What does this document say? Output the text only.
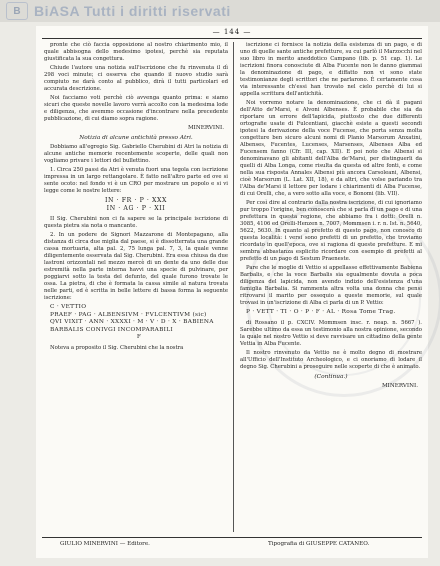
B BiASA Tutti i diritti riservati
— 144 —

pronte che ciò faccia opposizione al nostro chiarimento mio, il quale abbisogna dello medesimo ipotesi, perchè sia reputata giustificata la sua congettura.

Chiude l'autore una notizia sull'iscrizione che fu rinvenuta il dì 298 voci minute; ci osserva che quando il nuovo studio sarà compiuto ne darà conto al pubblico, dirà il tutti particolari ed accurata descrizione.

Noi facciamo voti perchè ciò avvenga quanto prima: e siamo sicuri che queste novelle lavoro verrà accolto con la medesima lode e diligenza, che avemmo occasione d'incontrare nella precedente pubblicazione, di cui diamo sopra ragione.

MINERVINI.
Notizia di alcune antichità presso Atri.

Dobbiamo all'egregio Sig. Gabriello Cherubini di Atri la notizia di alcune antiche memorie recentemente scoperte, delle quali non vogliamo privare i lettori del bullettino.

1. Circa 250 passi da Atri è venuta fuori una tegola con iscrizione impressa in un largo rettangolare. È fatto nell'altro parte ed ove si sente ocoto: nel fondo vi è un CRO per mostrare un popolo e si vi legge come le nostre lettere:

IN · FR · P · XXX
IN · AG · P · XII

II Sig. Cherubini non ci fa sapere se la principale iscrizione di questa pietra sia nota o mancante.

2. In un podere de Signori Mazzarone di Montepagano, alla distanza di circa due miglia dal paese, si è dissotterrata una grande cassa mortuaria, alta pal. 2, 75 lunga pal. 7, 3, la quale venne diligentemente osservata dal Sig. Cherubini. Era essa chiusa da due lastroni orizzontali nel mezzo mercè di un dente da uno delle due estremità nella parte interna havvi una specie di pulvinare, per poggiarvi sotto la testa del defunto, del quale furono trovate le ossa. La pietra, di che è formata la cassa simile al natura trovata nelle parti, ed è scritta in belle lettere di bassa forma la seguente iscrizione:

C · VETTIO
PRAEF · PAG · ALBENSIVM · FVLCENTIVM (sic)
QVI VIXIT · ANN · XXXXI · M · V · D · X · BABIENA
BARBALIS CONIVGI INCOMPARABILI
F

Noteva a proposito il Sig. Cherubini che la nostra

iscrizione ci fornisce la notizia della esistenza di un pago, e di uno di quelle sante antiche prefetture, su cui parlò il Marzocchi nel suo libro in merito aneddotico Campano (lib. p. 51 cap. 1). Le iscrizioni finora conosciute di Alba Fucente non le danno giammai la denominazione di pago, e diffatto non vi sono state testimonianze degli scrittori che ne parlarono. È certamente cosa via interessante ch'essi han trovato nel cielo perchè di lui si appella scrittura dell'antichità.

Noi vorremo notare la denominazione, che ci dà il pagani dell'Atto de'Marsi, e Alvoni Albenses. È probabile che sia da riportare un errore dell'lapicida, piuttosto che due differenti ortografie usate di Fulcentiani, giacchè esiste a questi secondi ipotesi la derivazione della voce Fucense, che porta senza molta congetture ben sicuro alcuni nomi di Planio Marsorum Anxatini, Albenses, Fucentes, Lucenses, Marsenses, Albenses Alba ed Fucensem fanno (Cfr. III, cap. XII). E poi noto che Albensi si denominavano gli abitanti dell'Alba de'Marsi, per distinguerli da quelli di Alba Longa, come risulta da questa ed altre fonti, e come nella sua risposta Annales Albensi più ancora Carsoleani, Albensi, cioè Marsorum (L. Lat. XII, 18), e da altri, che volse parlando tra l'Alba de'Marsi il lettore per lodare i chiarimenti di Alba Fucense, di cui Orelli, che, a vero sotto alla voce, e Bonomi (lib. VII).

Per così dire al contrario dalla nostra iscrizione, di cui ignoriamo pur troppo l'origine, ben conoscerà che si parla di un pago e di una prefettura in questa regione, che abbiamo fra i dotti: Orelli n. 3085, 4106 ed Orelli-Henzen n. 7007, Mommsen i. r. n. Ist. n. 5640, 5622, 5630. In quanto al prefetto di questo pago, non conosco di questa località: i versi sono prefetti di un prefetto, che troviamo ricordato in quell'epoca, ove si ragiona di queste prefetture. E mi sembra abbastanza esplicito ricordare con esempio di prefetti al prefetto di un pago di Sestum Praeneste.

Pare che le moglie di Vettio si appellasse effettivamente Babiena Barbalis, e che la voce Barbalis sia egualmente dovuta a poca diligenza del lapicida, non avendo indizio dell'esistenza d'una famiglia Barbalia. Si rammenta altra volta una donna che pensi ritrovarsi il marito per ossequio a queste memorie, sul quale trovasi in un'iscrizione di Alba ci parla di un P. Vettio:

P · VETT · TI · O · P · F · AL · Rosa Tome Trag.

di Rossano il p. CXCIV. Mommsen insc. r. neap. n. 5667 ). Sarebbe ultimo da essa un testimonio alla nostra opinione, secondo la quale nel nostro Vettio si deve ravvisare un cittadino della gente Vettia in Alba Fucente.

Il nostro rinvenuto da Vettio ne è molto degno di mostrare all'Ufficio dell'Instituto Archeologico, e ci onoriamo di lodare il degno Sig. Cherubini a proseguire nelle scoperte di che è animato.

(Continua.)
MINERVINI.
GIULIO MINERVINI — Editore.	Tipografia di GIUSEPPE CATANEO.
